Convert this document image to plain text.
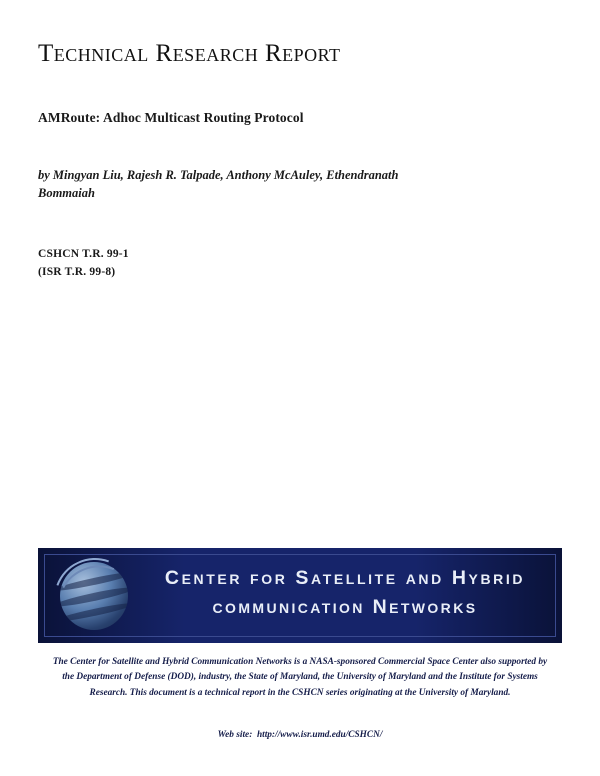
Technical Research Report
AMRoute: Adhoc Multicast Routing Protocol
by Mingyan Liu, Rajesh R. Talpade, Anthony McAuley, Ethendranath Bommaiah
CSHCN T.R. 99-1
(ISR T.R. 99-8)
Center for Satellite and Hybrid
communication Networks
The Center for Satellite and Hybrid Communication Networks is a NASA-sponsored Commercial Space Center also supported by the Department of Defense (DOD), industry, the State of Maryland, the University of Maryland and the Institute for Systems Research. This document is a technical report in the CSHCN series originating at the University of Maryland.
Web site:  http://www.isr.umd.edu/CSHCN/
